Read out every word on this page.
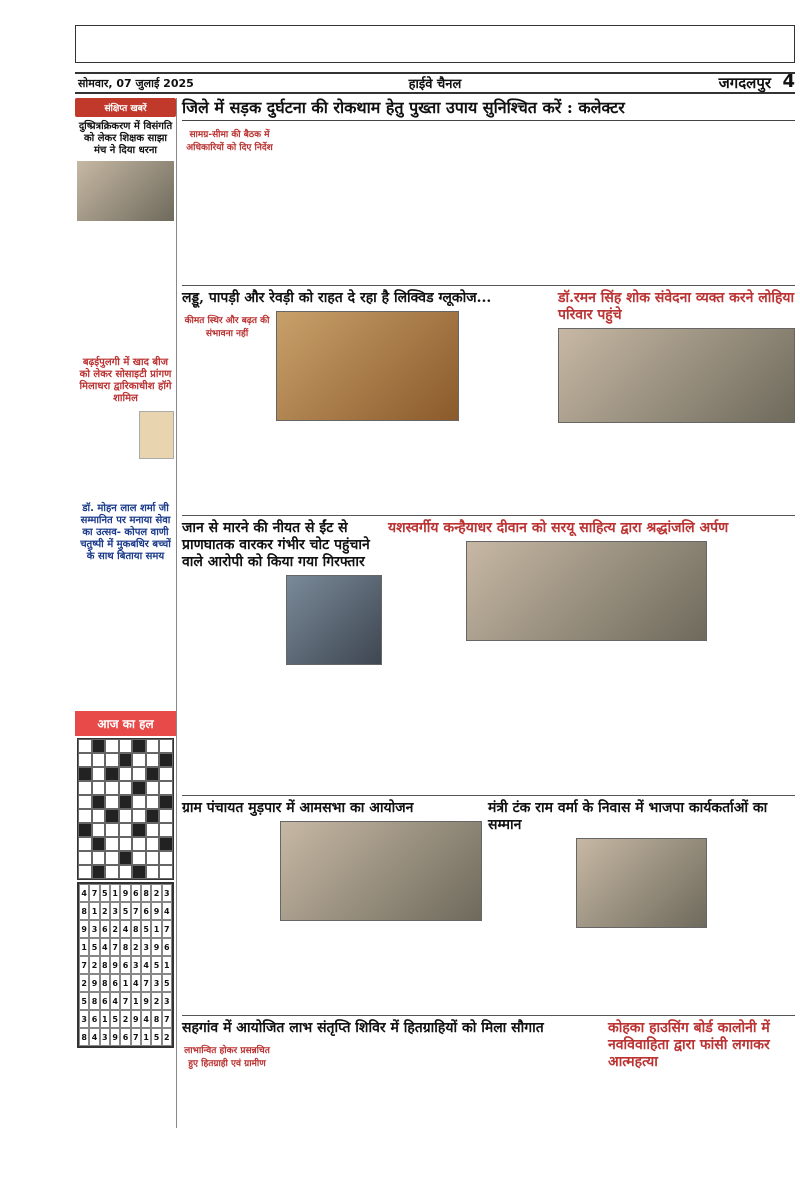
सोमवार, 07 जुलाई 2025	हाईवे चैनल	जगदलपुर 4
संक्षिप्त खबरें
दुष्प्रित्रक्रिकरण में विसंगति को लेकर शिक्षक साझा मंच ने दिया धरना
बढ़ईपुलगी में खाद बीज को लेकर सोसाइटी प्रांगण मिलाधरा द्वारिकाधीश हॉगे शामिल
डॉ. मोहन लाल शर्मा जी सम्मानित पर मनाया सेवा का उत्सव- कोपल वाणी चतुष्पी में मुकबधिर बच्चों के साथ बिताया समय
आज का हल
4 7 5 1 9 6 8 2 3
8 1 2 3 5 7 6 9 4
9 3 6 2 4 8 5 1 7
1 5 4 7 8 2 3 9 6
7 2 8 9 6 3 4 5 1
2 9 8 6 1 4 7 3 5
5 8 6 4 7 1 9 2 3
3 6 1 5 2 9 4 8 7
8 4 3 9 6 7 1 5 2
जिले में सड़क दुर्घटना की रोकथाम हेतु पुख्ता उपाय सुनिश्चित करें : कलेक्टर
सामग्र-सीमा की बैठक में अधिकारियों को दिए निर्देश
लड्डू, पापड़ी और रेवड़ी को राहत दे रहा है लिक्विड ग्लूकोज...
कीमत स्थिर और बढ़त की संभावना नहीं
डॉ.रमन सिंह शोक संवेदना व्यक्त करने लोहिया परिवार पहुंचे
जान से मारने की नीयत से ईंट से प्राणघातक वारकर गंभीर चोट पहुंचाने वाले आरोपी को किया गया गिरफ्तार
यशस्वर्गीय कन्हैयाधर दीवान को सरयू साहित्य द्वारा श्रद्धांजलि अर्पण
ग्राम पंचायत मुड़पार में आमसभा का आयोजन	मंत्री टंक राम वर्मा के निवास में भाजपा कार्यकर्ताओं का सम्मान
सहगांव में आयोजित लाभ संतृप्ति शिविर में हितग्राहियों को मिला सौगात
लाभान्वित होकर प्रसन्नचित हुए हितग्राही एवं ग्रामीण
कोहका हाउसिंग बोर्ड कालोनी में नवविवाहिता द्वारा फांसी लगाकर आत्महत्या
